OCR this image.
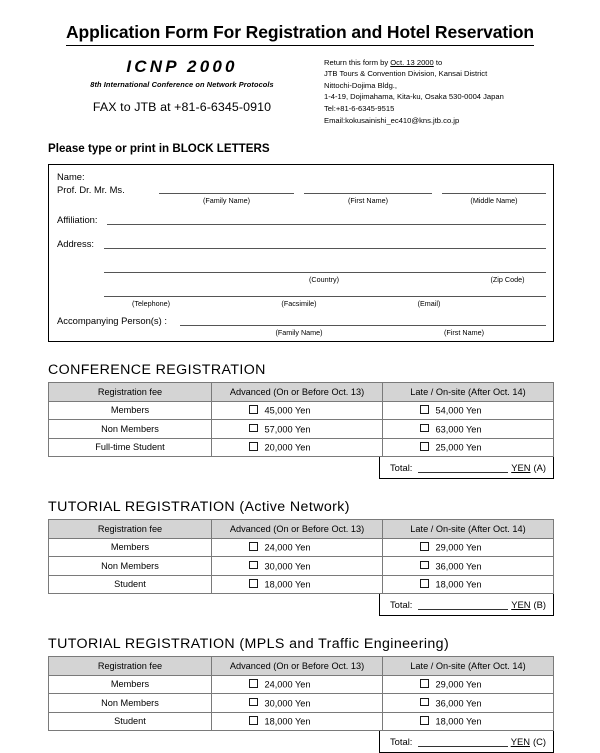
Application Form For Registration and Hotel Reservation
ICNP 2000
8th International Conference on Network Protocols
FAX to JTB at +81-6-6345-0910
Return this form by Oct. 13 2000 to
JTB Tours & Convention Division, Kansai District
Nittochi-Dojima Bldg.,
1-4-19, Dojimahama, Kita-ku, Osaka 530-0004 Japan
Tel:+81-6-6345-9515
Email:kokusainishi_ec410@kns.jtb.co.jp
Please type or print in BLOCK LETTERS
Name:
Prof. Dr. Mr. Ms.
(Family Name)	(First Name)	(Middle Name)
Affiliation:
Address:
(Country)	(Zip Code)
(Telephone)	(Facsimile)	(Email)
Accompanying Person(s) :
(Family Name)	(First Name)
CONFERENCE REGISTRATION
Registration fee	Advanced (On or Before Oct. 13)	Late / On-site (After Oct. 14)
Members	45,000 Yen	54,000 Yen
Non Members	57,000 Yen	63,000 Yen
Full-time Student	20,000 Yen	25,000 Yen
Total:	YEN (A)
TUTORIAL REGISTRATION (Active Network)
Registration fee	Advanced (On or Before Oct. 13)	Late / On-site (After Oct. 14)
Members	24,000 Yen	29,000 Yen
Non Members	30,000 Yen	36,000 Yen
Student	18,000 Yen	18,000 Yen
Total:	YEN (B)
TUTORIAL REGISTRATION (MPLS and Traffic Engineering)
Registration fee	Advanced (On or Before Oct. 13)	Late / On-site (After Oct. 14)
Members	24,000 Yen	29,000 Yen
Non Members	30,000 Yen	36,000 Yen
Student	18,000 Yen	18,000 Yen
Total:	YEN (C)
